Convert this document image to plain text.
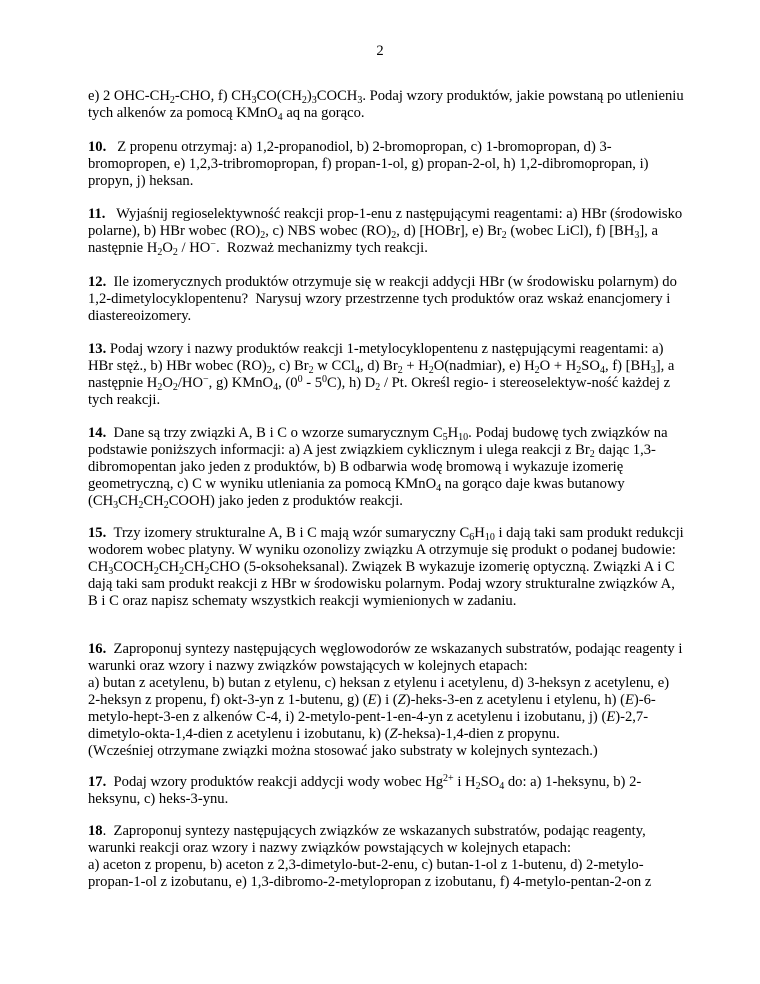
2

e) 2 OHC-$CH_2$-CHO, f) $CH_3CO(CH_2)_3COCH_3$. Podaj wzory produktów, jakie powstaną po utlenieniu tych alkenów za pomocą KMnO$_4$ aq na gorąco.

10.   Z propenu otrzymaj: a) 1,2-propanodiol, b) 2-bromopropan, c) 1-bromopropan, d) 3-bromopropen, e) 1,2,3-tribromopropan, f) propan-1-ol, g) propan-2-ol, h) 1,2-dibromopropan, i) propyn, j) heksan.

11.   Wyjaśnij regioselektywność reakcji prop-1-enu z następującymi reagentami: a) HBr (środowisko polarne), b) HBr wobec $(RO)_2$, c) NBS wobec $(RO)_2$, d) [HOBr], e) $Br_2$ (wobec LiCl), f) $[BH_3]$, a następnie $H_2O_2 / HO^-$.  Rozważ mechanizmy tych reakcji.

12.  Ile izomerycznych produktów otrzymuje się w reakcji addycji HBr (w środowisku polarnym) do 1,2-dimetylocyklopentenu?  Narysuj wzory przestrzenne tych produktów oraz wskaż enancjomery i diastereoizomery.

13. Podaj wzory i nazwy produktów reakcji 1-metylocyklopentenu z następującymi reagentami: a) HBr stęż., b) HBr wobec $(RO)_2$, c) $Br_2$ w CCl$_4$, d) $Br_2$ + $H_2O(nadmiar)$, e) $H_2O + H_2SO_4$, f) $[BH_3]$, a następnie $H_2O_2/HO^-$, g) KMnO$_4$, $(0^0 - 5^0C)$, h) $D_2$ / Pt. Określ regio- i stereoselektyw-ność każdej z tych reakcji.

14.  Dane są trzy związki A, B i C o wzorze sumarycznym $C_5H_{10}$. Podaj budowę tych związków na podstawie poniższych informacji: a) A jest związkiem cyklicznym i ulega reakcji z $Br_2$ dając 1,3-dibromopentan jako jeden z produktów, b) B odbarwia wodę bromową i wykazuje izomerię geometryczną, c) C w wyniku utleniania za pomocą KMnO$_4$ na gorąco daje kwas butanowy $(CH_3CH_2CH_2COOH)$ jako jeden z produktów reakcji.

15.  Trzy izomery strukturalne A, B i C mają wzór sumaryczny $C_6H_{10}$ i dają taki sam produkt redukcji wodorem wobec platyny. W wyniku ozonolizy związku A otrzymuje się produkt o podanej budowie: $CH_3COCH_2CH_2CH_2CHO$ (5-oksoheksanal). Związek B wykazuje izomerię optyczną. Związki A i C dają taki sam produkt reakcji z HBr w środowisku polarnym. Podaj wzory strukturalne związków A, B i C oraz napisz schematy wszystkich reakcji wymienionych w zadaniu.

16.  Zaproponuj syntezy następujących węglowodorów ze wskazanych substratów, podając reagenty i warunki oraz wzory i nazwy związków powstających w kolejnych etapach:
a) butan z acetylenu, b) butan z etylenu, c) heksan z etylenu i acetylenu, d) 3-heksyn z acetylenu, e) 2-heksyn z propenu, f) okt-3-yn z 1-butenu, g) (E) i (Z)-heks-3-en z acetylenu i etylenu, h) (E)-6-metylo-hept-3-en z alkenów C-4, i) 2-metylo-pent-1-en-4-yn z acetylenu i izobutanu, j) (E)-2,7-dimetylo-okta-1,4-dien z acetylenu i izobutanu, k) (Z-heksa)-1,4-dien z propynu.
(Wcześniej otrzymane związki można stosować jako substraty w kolejnych syntezach.)

17.  Podaj wzory produktów reakcji addycji wody wobec $Hg^{2+}$ i $H_2SO_4$ do: a) 1-heksynu, b) 2-heksynu, c) heks-3-ynu.

18.  Zaproponuj syntezy następujących związków ze wskazanych substratów, podając reagenty, warunki reakcji oraz wzory i nazwy związków powstających w kolejnych etapach:
a) aceton z propenu, b) aceton z 2,3-dimetylo-but-2-enu, c) butan-1-ol z 1-butenu, d) 2-metylo-propan-1-ol z izobutanu, e) 1,3-dibromo-2-metylopropan z izobutanu, f) 4-metylo-pentan-2-on z
